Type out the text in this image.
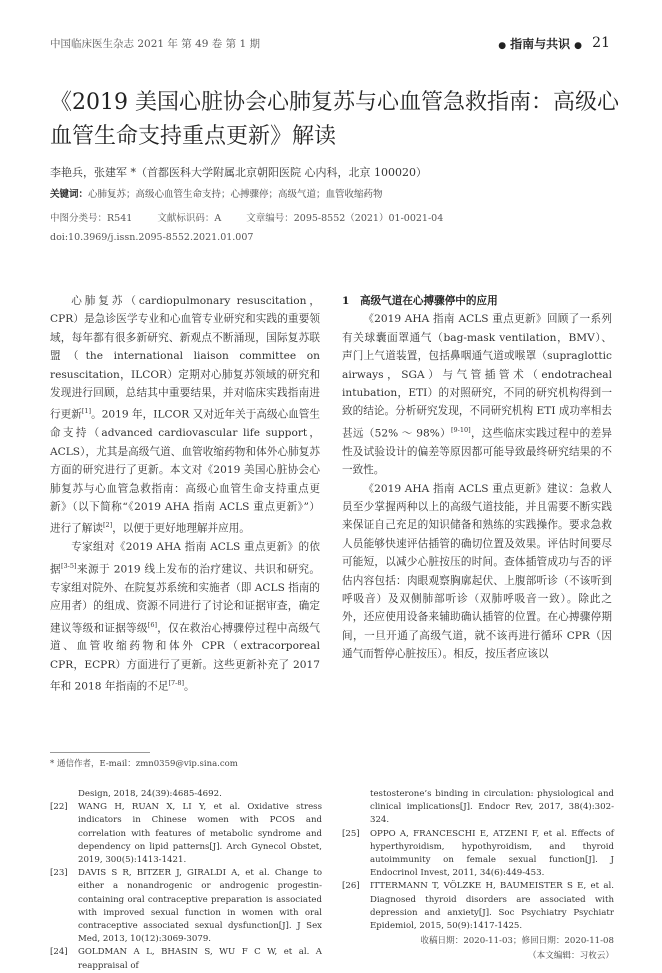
中国临床医生杂志 2021 年 第 49 卷 第 1 期	● 指南与共识 ● 21
《2019 美国心脏协会心肺复苏与心血管急救指南：高级心血管生命支持重点更新》解读
李艳兵，张建军 *（首都医科大学附属北京朝阳医院 心内科，北京 100020）
关键词：心肺复苏；高级心血管生命支持；心搏骤停；高级气道；血管收缩药物
中图分类号：R541	文献标识码：A	文章编号：2095-8552（2021）01-0021-04
doi:10.3969/j.issn.2095-8552.2021.01.007

心肺复苏（cardiopulmonary resuscitation，CPR）是急诊医学专业和心血管专业研究和实践的重要领域，每年都有很多新研究、新观点不断涌现，国际复苏联盟（the international liaison committee on resuscitation，ILCOR）定期对心肺复苏领域的研究和发现进行回顾，总结其中重要结果，并对临床实践指南进行更新[1]。2019 年，ILCOR 又对近年关于高级心血管生命支持（advanced cardiovascular life support，ACLS），尤其是高级气道、血管收缩药物和体外心肺复苏方面的研究进行了更新。本文对《2019 美国心脏协会心肺复苏与心血管急救指南：高级心血管生命支持重点更新》（以下简称“《2019 AHA 指南 ACLS 重点更新》”）进行了解读[2]，以便于更好地理解并应用。

专家组对《2019 AHA 指南 ACLS 重点更新》的依据[3-5]来源于 2019 线上发布的治疗建议、共识和研究。专家组对院外、在院复苏系统和实施者（即 ACLS 指南的应用者）的组成、资源不同进行了讨论和证据审查，确定建议等级和证据等级[6]，仅在救治心搏骤停过程中高级气道、血管收缩药物和体外 CPR（extracorporeal CPR，ECPR）方面进行了更新。这些更新补充了 2017 年和 2018 年指南的不足[7-8]。

1　高级气道在心搏骤停中的应用

《2019 AHA 指南 ACLS 重点更新》回顾了一系列有关球囊面罩通气（bag-mask ventilation，BMV）、声门上气道装置，包括鼻咽通气道或喉罩（supraglottic airways，SGA）与气管插管术（endotracheal intubation，ETI）的对照研究，不同的研究机构得到一致的结论。分析研究发现，不同研究机构 ETI 成功率相去甚远（52% ～ 98%）[9-10]，这些临床实践过程中的差异性及试验设计的偏差等原因都可能导致最终研究结果的不一致性。

《2019 AHA 指南 ACLS 重点更新》建议：急救人员至少掌握两种以上的高级气道技能，并且需要不断实践来保证自己充足的知识储备和熟练的实践操作。要求急救人员能够快速评估插管的确切位置及效果。评估时间要尽可能短，以减少心脏按压的时间。查体插管成功与否的评估内容包括：肉眼观察胸廓起伏、上腹部听诊（不该听到呼吸音）及双侧肺部听诊（双肺呼吸音一致）。除此之外，还应使用设备来辅助确认插管的位置。在心搏骤停期间，一旦开通了高级气道，就不该再进行循环 CPR（因通气而暂停心脏按压）。相反，按压者应该以

* 通信作者，E-mail：zmn0359@vip.sina.com
Design, 2018, 24(39):4685-4692.
[22]	WANG H, RUAN X, LI Y, et al. Oxidative stress indicators in Chinese women with PCOS and correlation with features of metabolic syndrome and dependency on lipid patterns[J]. Arch Gynecol Obstet, 2019, 300(5):1413-1421.
[23]	DAVIS S R, BITZER J, GIRALDI A, et al. Change to either a nonandrogenic or androgenic progestin-containing oral contraceptive preparation is associated with improved sexual function in women with oral contraceptive associated sexual dysfunction[J]. J Sex Med, 2013, 10(12):3069-3079.
[24]	GOLDMAN A L, BHASIN S, WU F C W, et al. A reappraisal of
testosterone’s binding in circulation: physiological and clinical implications[J]. Endocr Rev, 2017, 38(4):302-324.
[25]	OPPO A, FRANCESCHI E, ATZENI F, et al. Effects of hyperthyroidism, hypothyroidism, and thyroid autoimmunity on female sexual function[J]. J Endocrinol Invest, 2011, 34(6):449-453.
[26]	ITTERMANN T, VÖLZKE H, BAUMEISTER S E, et al. Diagnosed thyroid disorders are associated with depression and anxiety[J]. Soc Psychiatry Psychiatr Epidemiol, 2015, 50(9):1417-1425.
收稿日期：2020-11-03；修回日期：2020-11-08
（本文编辑：习枚云）
